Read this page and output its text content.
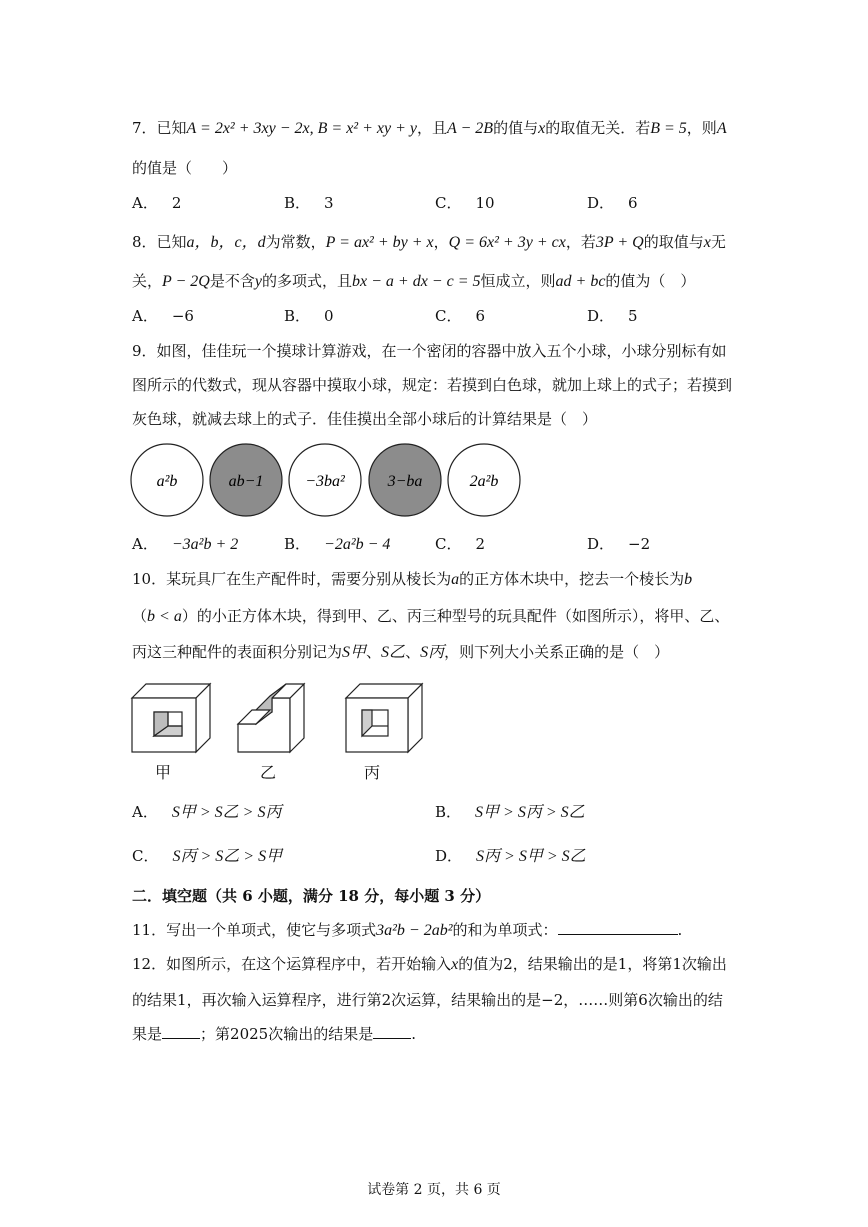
7．已知A = 2x² + 3xy − 2x, B = x² + xy + y，且A − 2B的值与x的取值无关．若B = 5，则A
的值是（　　）
A． 2	B． 3	C． 10	D． 6
8．已知a，b，c，d为常数，P = ax² + by + x，Q = 6x² + 3y + cx，若3P + Q的取值与x无
关，P − 2Q是不含y的多项式，且bx − a + dx − c = 5恒成立，则ad + bc的值为（　）
A． −6	B． 0	C． 6	D． 5
9．如图，佳佳玩一个摸球计算游戏，在一个密闭的容器中放入五个小球，小球分别标有如
图所示的代数式，现从容器中摸取小球，规定：若摸到白色球，就加上球上的式子；若摸到
灰色球，就减去球上的式子．佳佳摸出全部小球后的计算结果是（　）
a²b	ab−1	−3ba²	3−ba	2a²b
A． −3a²b + 2	B． −2a²b − 4	C． 2	D． −2
10．某玩具厂在生产配件时，需要分别从棱长为a的正方体木块中，挖去一个棱长为b
（b < a）的小正方体木块，得到甲、乙、丙三种型号的玩具配件（如图所示），将甲、乙、
丙这三种配件的表面积分别记为S甲、S乙、S丙，则下列大小关系正确的是（　）
甲	乙	丙
A． S甲 > S乙 > S丙	B． S甲 > S丙 > S乙
C． S丙 > S乙 > S甲	D． S丙 > S甲 > S乙
二．填空题（共 6 小题，满分 18 分，每小题 3 分）
11．写出一个单项式，使它与多项式3a²b − 2ab²的和为单项式：	.
12．如图所示，在这个运算程序中，若开始输入x的值为2，结果输出的是1，将第1次输出
的结果1，再次输入运算程序，进行第2次运算，结果输出的是−2，……则第6次输出的结
果是	；第2025次输出的结果是	.
试卷第 2 页，共 6 页
